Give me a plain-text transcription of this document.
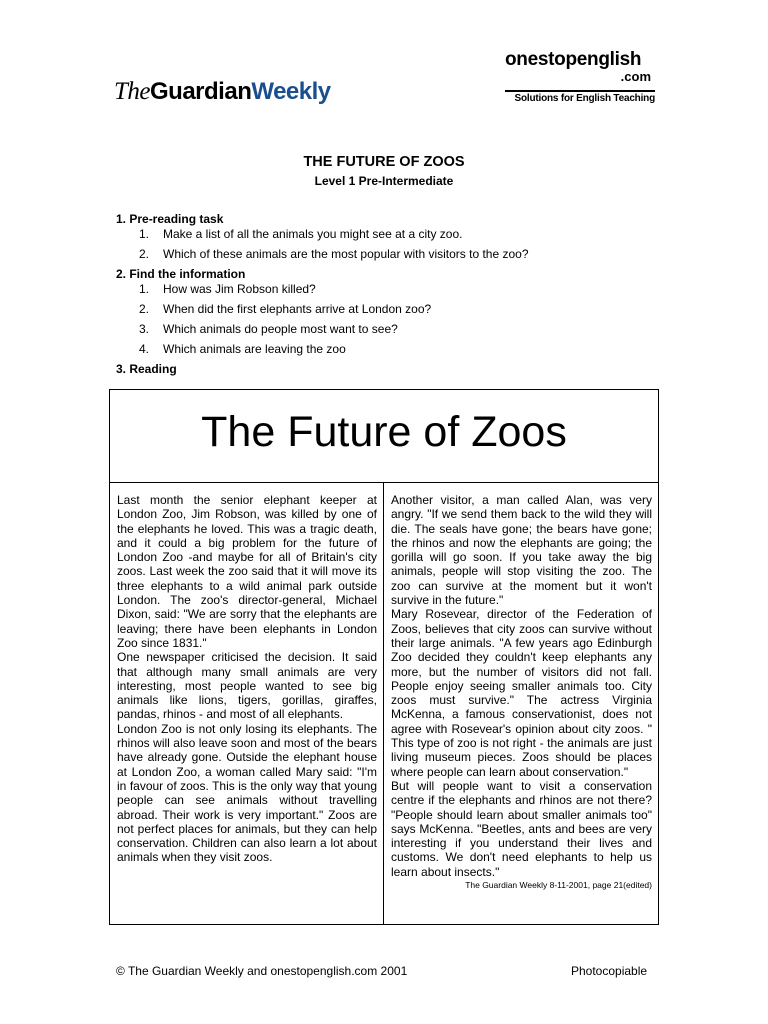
TheGuardianWeekly
onestopenglish
.com
Solutions for English Teaching
THE FUTURE OF ZOOS
Level 1 Pre-Intermediate
1. Pre-reading task
1. Make a list of all the animals you might see at a city zoo.
2. Which of these animals are the most popular with visitors to the zoo?
2. Find the information
1. How was Jim Robson killed?
2. When did the first elephants arrive at London zoo?
3. Which animals do people most want to see?
4. Which animals are leaving the zoo
3. Reading
The Future of Zoos

Last month the senior elephant keeper at London Zoo, Jim Robson, was killed by one of the elephants he loved. This was a tragic death, and it could a big problem for the future of London Zoo -and maybe for all of Britain's city zoos. Last week the zoo said that it will move its three elephants to a wild animal park outside London. The zoo's director-general, Michael Dixon, said: "We are sorry that the elephants are leaving; there have been elephants in London Zoo since 1831."

One newspaper criticised the decision. It said that although many small animals are very interesting, most people wanted to see big animals like lions, tigers, gorillas, giraffes, pandas, rhinos - and most of all elephants.

London Zoo is not only losing its elephants. The rhinos will also leave soon and most of the bears have already gone. Outside the elephant house at London Zoo, a woman called Mary said: "I'm in favour of zoos. This is the only way that young people can see animals without travelling abroad. Their work is very important." Zoos are not perfect places for animals, but they can help conservation. Children can also learn a lot about animals when they visit zoos.

Another visitor, a man called Alan, was very angry. "If we send them back to the wild they will die. The seals have gone; the bears have gone; the rhinos and now the elephants are going; the gorilla will go soon. If you take away the big animals, people will stop visiting the zoo. The zoo can survive at the moment but it won't survive in the future."

Mary Rosevear, director of the Federation of Zoos, believes that city zoos can survive without their large animals. "A few years ago Edinburgh Zoo decided they couldn't keep elephants any more, but the number of visitors did not fall. People enjoy seeing smaller animals too. City zoos must survive." The actress Virginia McKenna, a famous conservationist, does not agree with Rosevear's opinion about city zoos. " This type of zoo is not right - the animals are just living museum pieces. Zoos should be places where people can learn about conservation."

But will people want to visit a conservation centre if the elephants and rhinos are not there? "People should learn about smaller animals too" says McKenna. "Beetles, ants and bees are very interesting if you understand their lives and customs. We don't need elephants to help us learn about insects."

The Guardian Weekly 8-11-2001, page 21(edited)

© The Guardian Weekly and onestopenglish.com 2001	Photocopiable
